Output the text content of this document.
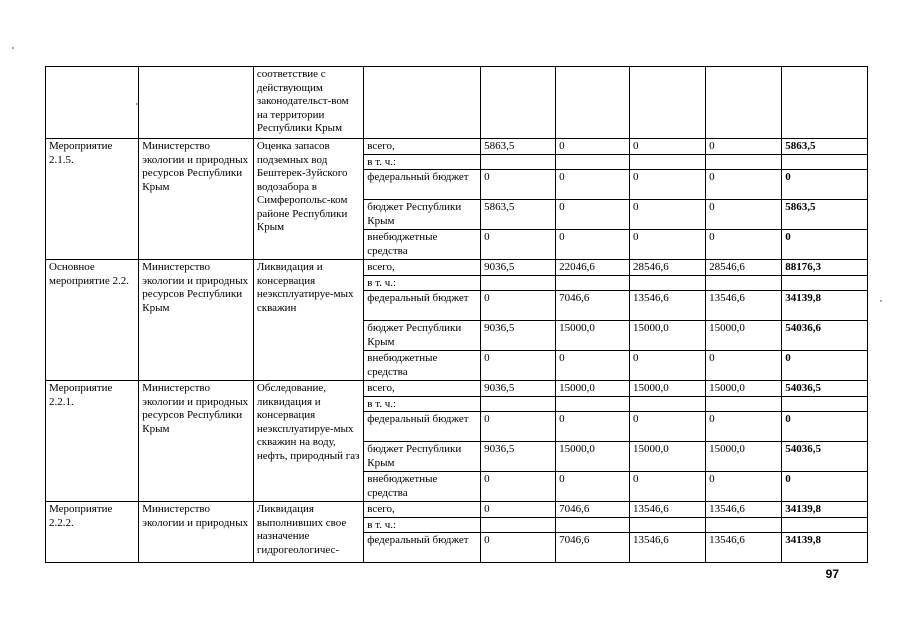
		соответствие с действующим законодательст-вом на территории Республики Крым						
Мероприятие 2.1.5.	Министерство экологии и природных ресурсов Республики Крым	Оценка запасов подземных вод Бештерек-Зуйского водозабора в Симферопольс-ком районе Республики Крым	всего,	5863,5	0	0	0	5863,5
			в т. ч.:					
			федеральный бюджет	0	0	0	0	0
			бюджет Республики Крым	5863,5	0	0	0	5863,5
			внебюджетные средства	0	0	0	0	0
Основное мероприятие 2.2.	Министерство экологии и природных ресурсов Республики Крым	Ликвидация и консервация неэксплуатируе-мых скважин	всего,	9036,5	22046,6	28546,6	28546,6	88176,3
			в т. ч.:					
			федеральный бюджет	0	7046,6	13546,6	13546,6	34139,8
			бюджет Республики Крым	9036,5	15000,0	15000,0	15000,0	54036,6
			внебюджетные средства	0	0	0	0	0
Мероприятие 2.2.1.	Министерство экологии и природных ресурсов Республики Крым	Обследование, ликвидация и консервация неэксплуатируе-мых скважин на воду, нефть, природный газ	всего,	9036,5	15000,0	15000,0	15000,0	54036,5
			в т. ч.:					
			федеральный бюджет	0	0	0	0	0
			бюджет Республики Крым	9036,5	15000,0	15000,0	15000,0	54036,5
			внебюджетные средства	0	0	0	0	0
Мероприятие 2.2.2.	Министерство экологии и природных	Ликвидация выполнивших свое назначение гидрогеологичес-	всего,	0	7046,6	13546,6	13546,6	34139,8
			в т. ч.:					
			федеральный бюджет	0	7046,6	13546,6	13546,6	34139,8
97
